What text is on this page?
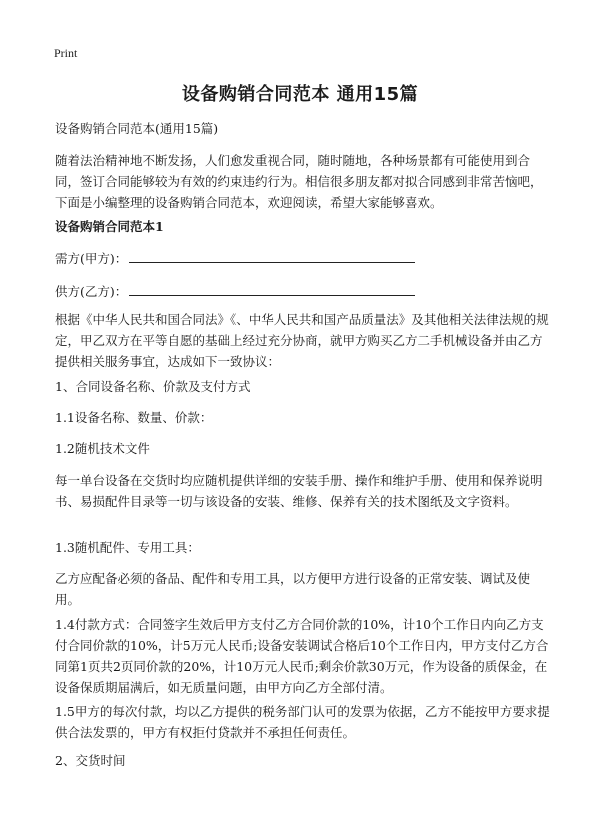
Print
设备购销合同范本 通用15篇
设备购销合同范本(通用15篇)
随着法治精神地不断发扬，人们愈发重视合同，随时随地，各种场景都有可能使用到合同，签订合同能够较为有效的约束违约行为。相信很多朋友都对拟合同感到非常苦恼吧，下面是小编整理的设备购销合同范本，欢迎阅读，希望大家能够喜欢。
设备购销合同范本1
需方(甲方)：
供方(乙方)：
根据《中华人民共和国合同法》《、中华人民共和国产品质量法》及其他相关法律法规的规定，甲乙双方在平等自愿的基础上经过充分协商，就甲方购买乙方二手机械设备并由乙方提供相关服务事宜，达成如下一致协议：
1、合同设备名称、价款及支付方式
1.1设备名称、数量、价款：
1.2随机技术文件
每一单台设备在交货时均应随机提供详细的安装手册、操作和维护手册、使用和保养说明书、易损配件目录等一切与该设备的安装、维修、保养有关的技术图纸及文字资料。
1.3随机配件、专用工具：
乙方应配备必须的备品、配件和专用工具，以方便甲方进行设备的正常安装、调试及使用。
1.4付款方式：合同签字生效后甲方支付乙方合同价款的10%，计10个工作日内向乙方支付合同价款的10%，计5万元人民币;设备安装调试合格后10个工作日内，甲方支付乙方合同第1页共2页同价款的20%，计10万元人民币;剩余价款30万元，作为设备的质保金，在设备保质期届满后，如无质量问题，由甲方向乙方全部付清。
1.5甲方的每次付款，均以乙方提供的税务部门认可的发票为依据，乙方不能按甲方要求提供合法发票的，甲方有权拒付贷款并不承担任何责任。
2、交货时间
